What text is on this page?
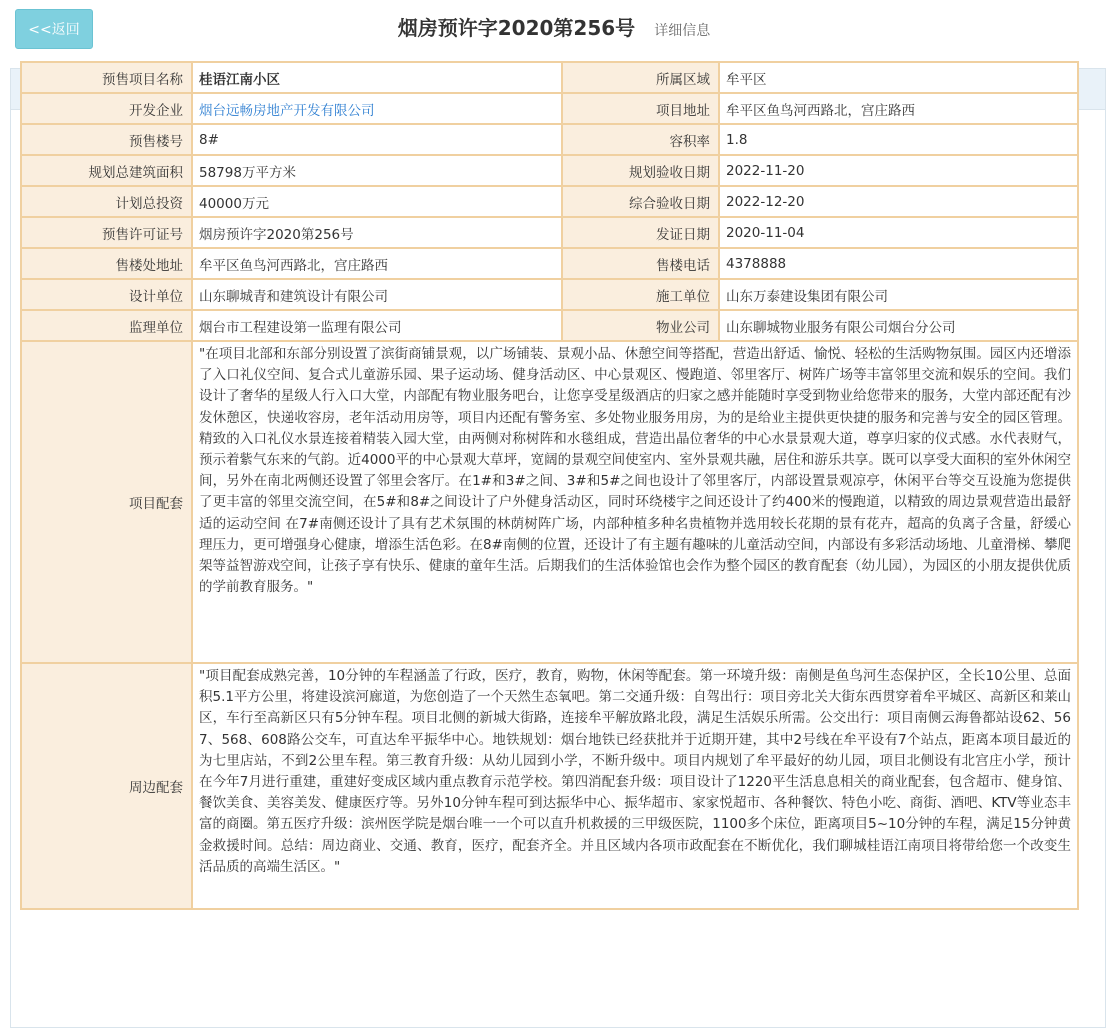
<<返回	烟房预许字2020第256号 详细信息
预售项目名称	桂语江南小区	所属区域	牟平区
开发企业	烟台远畅房地产开发有限公司	项目地址	牟平区鱼鸟河西路北，宫庄路西
预售楼号	8#	容积率	1.8
规划总建筑面积	58798万平方米	规划验收日期	2022-11-20
计划总投资	40000万元	综合验收日期	2022-12-20
预售许可证号	烟房预许字2020第256号	发证日期	2020-11-04
售楼处地址	牟平区鱼鸟河西路北，宫庄路西	售楼电话	4378888
设计单位	山东聊城青和建筑设计有限公司	施工单位	山东万泰建设集团有限公司
监理单位	烟台市工程建设第一监理有限公司	物业公司	山东聊城物业服务有限公司烟台分公司
项目配套	"在项目北部和东部分别设置了滨街商铺景观，以广场铺装、景观小品、休憩空间等搭配，营造出舒适、愉悦、轻松的生活购物氛围。园区内还增添了入口礼仪空间、复合式儿童游乐园、果子运动场、健身活动区、中心景观区、慢跑道、邻里客厅、树阵广场等丰富邻里交流和娱乐的空间。我们设计了奢华的星级人行入口大堂，内部配有物业服务吧台，让您享受星级酒店的归家之感并能随时享受到物业给您带来的服务，大堂内部还配有沙发休憩区，快递收容房，老年活动用房等，项目内还配有警务室、多处物业服务用房，为的是给业主提供更快捷的服务和完善与安全的园区管理。精致的入口礼仪水景连接着精装入园大堂，由两侧对称树阵和水毯组成，营造出晶位奢华的中心水景景观大道，尊享归家的仪式感。水代表财气，预示着紫气东来的气韵。近4000平的中心景观大草坪，宽阔的景观空间使室内、室外景观共融，居住和游乐共享。既可以享受大面积的室外休闲空间，另外在南北两侧还设置了邻里会客厅。在1#和3#之间、3#和5#之间也设计了邻里客厅，内部设置景观凉亭，休闲平台等交互设施为您提供了更丰富的邻里交流空间，在5#和8#之间设计了户外健身活动区，同时环绕楼宇之间还设计了约400米的慢跑道，以精致的周边景观营造出最舒适的运动空间 在7#南侧还设计了具有艺术氛围的林荫树阵广场，内部种植多种名贵植物并选用较长花期的景有花卉，超高的负离子含量，舒缓心理压力，更可增强身心健康，增添生活色彩。在8#南侧的位置，还设计了有主题有趣味的儿童活动空间，内部设有多彩活动场地、儿童滑梯、攀爬架等益智游戏空间，让孩子享有快乐、健康的童年生活。后期我们的生活体验馆也会作为整个园区的教育配套（幼儿园），为园区的小朋友提供优质的学前教育服务。"		
周边配套	"项目配套成熟完善，10分钟的车程涵盖了行政，医疗，教育，购物，休闲等配套。第一环境升级：南侧是鱼鸟河生态保护区，全长10公里、总面积5.1平方公里，将建设滨河廊道，为您创造了一个天然生态氧吧。第二交通升级：自驾出行：项目旁北关大街东西贯穿着牟平城区、高新区和莱山区，车行至高新区只有5分钟车程。项目北侧的新城大街路，连接牟平解放路北段，满足生活娱乐所需。公交出行：项目南侧云海鲁都站设62、567、568、608路公交车，可直达牟平振华中心。地铁规划：烟台地铁已经获批并于近期开建，其中2号线在牟平设有7个站点，距离本项目最近的为七里店站，不到2公里车程。第三教育升级：从幼儿园到小学，不断升级中。项目内规划了牟平最好的幼儿园，项目北侧设有北宫庄小学，预计在今年7月进行重建，重建好变成区域内重点教育示范学校。第四消配套升级：项目设计了1220平生活息息相关的商业配套，包含超市、健身馆、餐饮美食、美容美发、健康医疗等。另外10分钟车程可到达振华中心、振华超市、家家悦超市、各种餐饮、特色小吃、商街、酒吧、KTV等业态丰富的商圈。第五医疗升级：滨州医学院是烟台唯一一个可以直升机救援的三甲级医院，1100多个床位，距离项目5~10分钟的车程，满足15分钟黄金救援时间。总结：周边商业、交通、教育，医疗，配套齐全。并且区域内各项市政配套在不断优化，我们聊城桂语江南项目将带给您一个改变生活品质的高端生活区。"		
